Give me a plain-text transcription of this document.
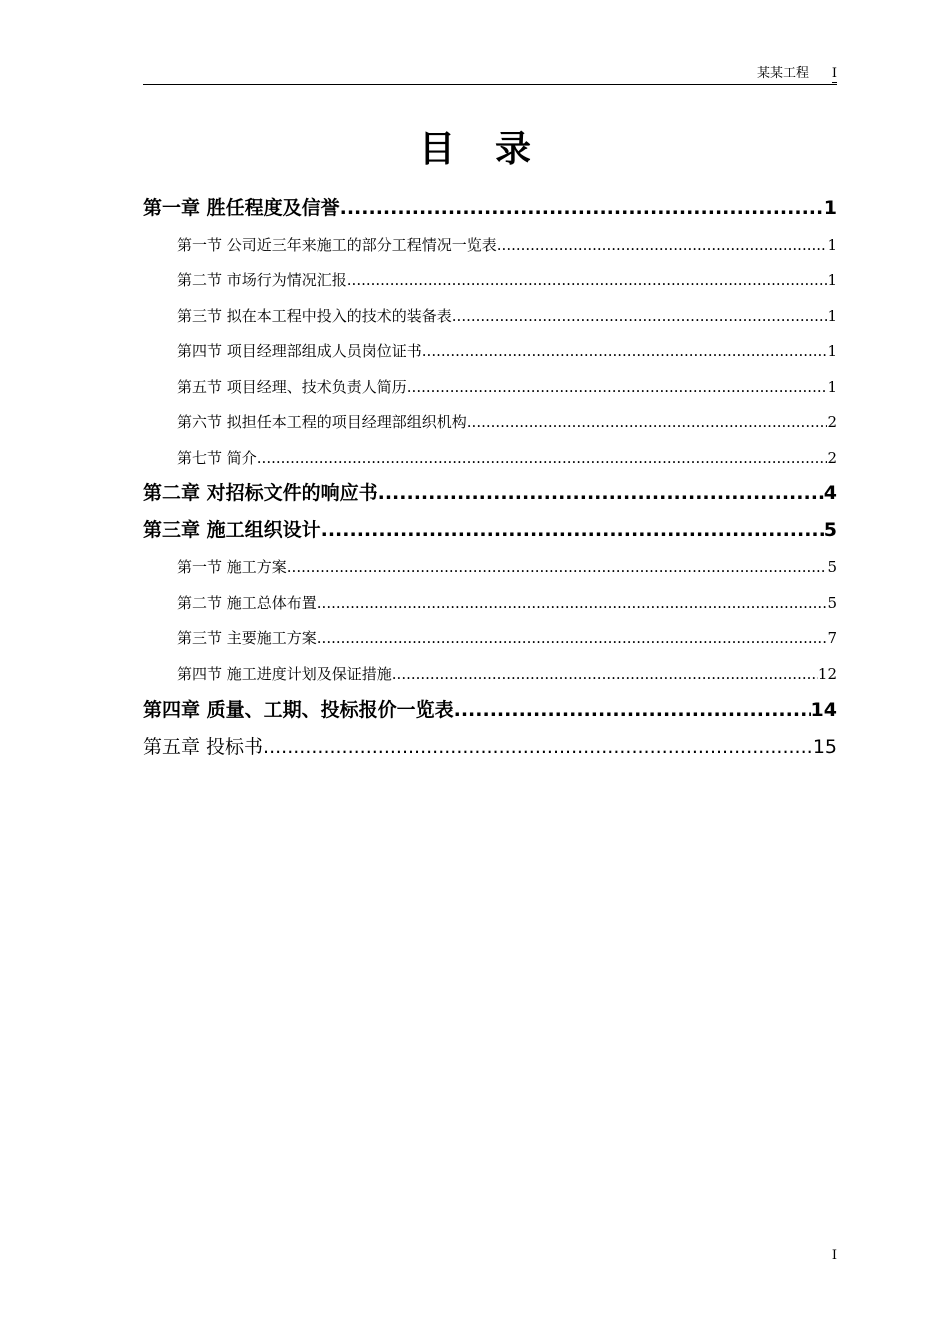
某某工程 I
目录
第一章 胜任程度及信誉 .....	1
第一节 公司近三年来施工的部分工程情况一览表 .....	1
第二节 市场行为情况汇报 .....	1
第三节 拟在本工程中投入的技术的装备表 .....	1
第四节 项目经理部组成人员岗位证书 .....	1
第五节 项目经理、技术负责人简历 .....	1
第六节 拟担任本工程的项目经理部组织机构 .....	2
第七节 简介 .....	2
第二章 对招标文件的响应书 .....	4
第三章 施工组织设计 .....	5
第一节 施工方案 .....	5
第二节 施工总体布置 .....	5
第三节 主要施工方案 .....	7
第四节 施工进度计划及保证措施 .....	12
第四章 质量、工期、投标报价一览表 .....	14
第五章 投标书 .....	15
I
